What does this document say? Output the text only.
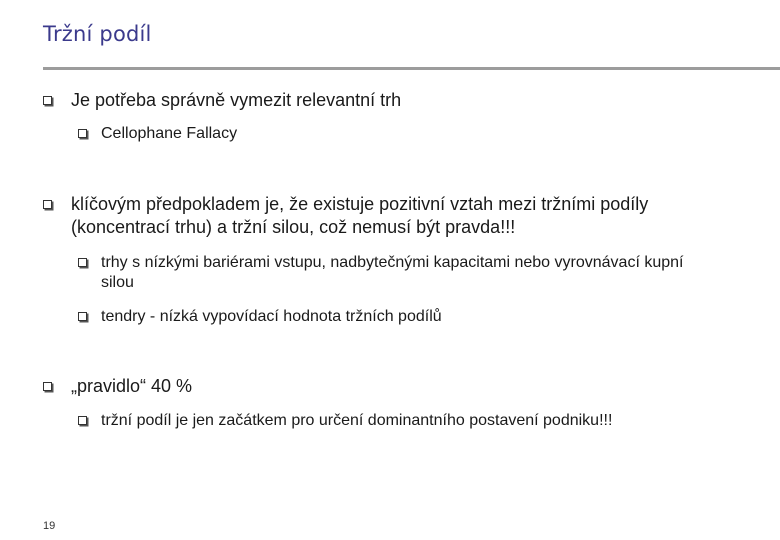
Tržní podíl
Je potřeba správně vymezit relevantní trh
Cellophane Fallacy
klíčovým předpokladem je, že existuje pozitivní vztah mezi tržními podíly (koncentrací trhu) a tržní silou, což nemusí být pravda!!!
trhy s nízkými bariérami vstupu, nadbytečnými kapacitami nebo vyrovnávací kupní silou
tendry - nízká vypovídací hodnota tržních podílů
„pravidlo“ 40 %
tržní podíl je jen začátkem pro určení dominantního postavení podniku!!!
19
